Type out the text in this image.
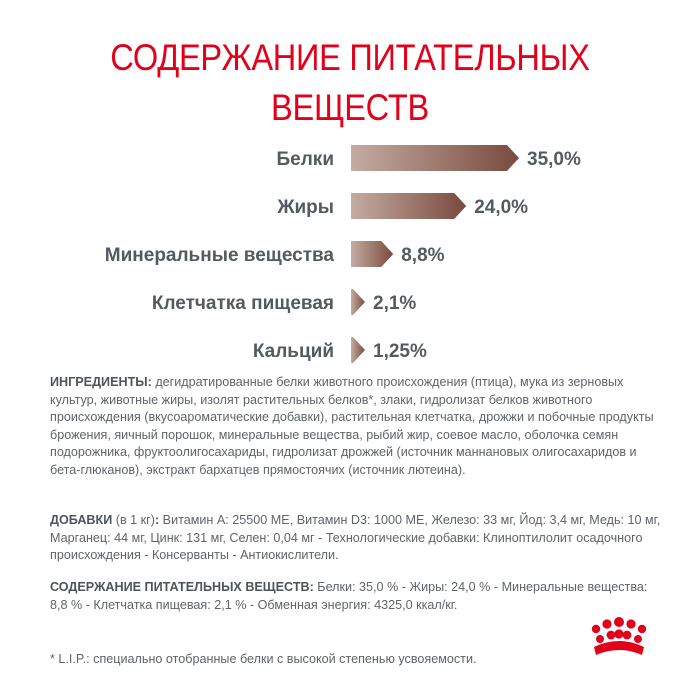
СОДЕРЖАНИЕ ПИТАТЕЛЬНЫХ ВЕЩЕСТВ
Белки	35,0%
Жиры	24,0%
Минеральные вещества	8,8%
Клетчатка пищевая 2,1%
Кальций 1,25%
ИНГРЕДИЕНТЫ: дегидратированные белки животного происхождения (птица), мука из зерновых культур, животные жиры, изолят растительных белков*, злаки, гидролизат белков животного происхождения (вкусоароматические добавки), растительная клетчатка, дрожжи и побочные продукты брожения, яичный порошок, минеральные вещества, рыбий жир, соевое масло, оболочка семян подорожника, фруктоолигосахариды, гидролизат дрожжей (источник маннановых олигосахаридов и бета-глюканов), экстракт бархатцев прямостоячих (источник лютеина).
ДОБАВКИ (в 1 кг): Витамин A: 25500 МЕ, Витамин D3: 1000 МЕ, Железо: 33 мг, Йод: 3,4 мг, Медь: 10 мг, Марганец: 44 мг, Цинк: 131 мг, Селен: 0,04 мг - Технологические добавки: Клиноптилолит осадочного происхождения - Консерванты - Антиокислители.
СОДЕРЖАНИЕ ПИТАТЕЛЬНЫХ ВЕЩЕСТВ: Белки: 35,0 % - Жиры: 24,0 % - Минеральные вещества: 8,8 % - Клетчатка пищевая: 2,1 % - Обменная энергия: 4325,0 ккал/кг.
* L.I.P.: специально отобранные белки с высокой степенью усвояемости.
